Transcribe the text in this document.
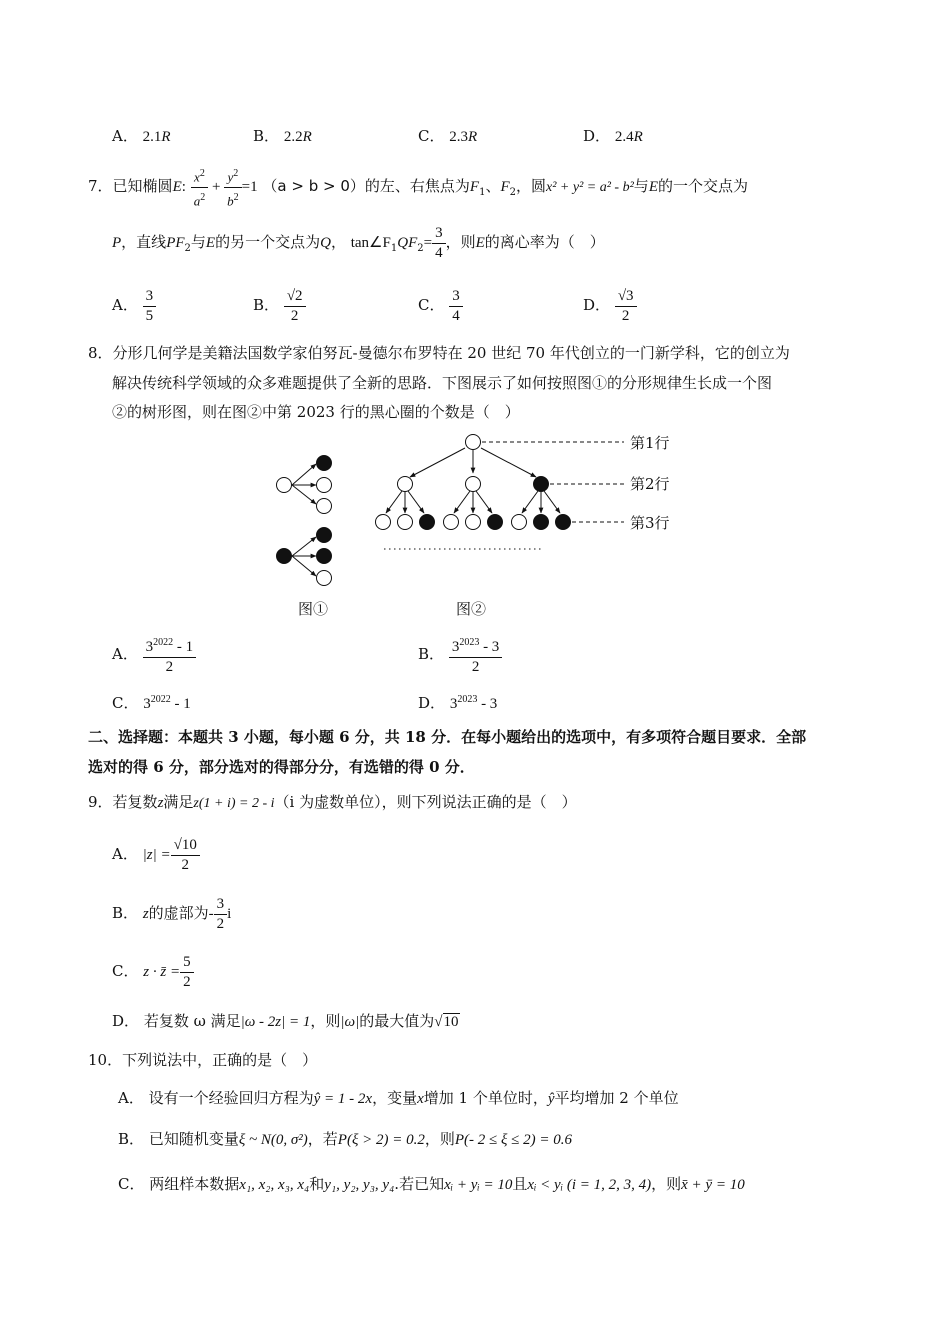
A． 2.1R	B． 2.2R	C． 2.3R	D． 2.4R
7．已知椭圆E: $\frac{x^2}{a^2} + \frac{y^2}{b^2} =1$ （a > b > 0）的左、右焦点为$F_1$、$F_2$，圆x² + y² = a² - b²与E的一个交点为
P，直线$PF_2$与E的另一个交点为Q， $\tan\angle F_1QF_2= \frac{3}{4}$ ，则E的离心率为（　）
A． $\frac{3}{5}$	B． $\frac{√2}{2}$	C． $\frac{3}{4}$	D． $\frac{√3}{2}$
8．分形几何学是美籍法国数学家伯努瓦-曼德尔布罗特在 20 世纪 70 年代创立的一门新学科，它的创立为
解决传统科学领域的众多难题提供了全新的思路．下图展示了如何按照图①的分形规律生长成一个图
②的树形图，则在图②中第 2023 行的黑心圈的个数是（　）
第1行
第2行
第3行
图①	图②
A． $\frac{3^{2022} - 1}{2}$	B． $\frac{3^{2023} - 3}{2}$
C． $3^{2022} - 1$	D． $3^{2023} - 3$
二、选择题：本题共 3 小题，每小题 6 分，共 18 分．在每小题给出的选项中，有多项符合题目要求．全部
选对的得 6 分，部分选对的得部分分，有选错的得 0 分．
9．若复数z满足z(1 + i) = 2 - i（i 为虚数单位），则下列说法正确的是（　）
A． $|z| = \frac{√10}{2}$
B． z的虚部为- $\frac{3}{2}$ i
C． z · z̄ = $\frac{5}{2}$
D． 若复数 ω 满足|ω - 2z| = 1，则|ω|的最大值为√10
10．下列说法中，正确的是（　）
A． 设有一个经验回归方程为ŷ = 1 - 2x，变量x增加 1 个单位时，ŷ平均增加 2 个单位
B． 已知随机变量ξ ~ N(0, σ²)，若P(ξ > 2) = 0.2，则P(- 2 ≤ ξ ≤ 2) = 0.6
C． 两组样本数据x₁, x₂, x₃, x₄和y₁, y₂, y₃, y₄.若已知xᵢ + yᵢ = 10且xᵢ < yᵢ (i = 1, 2, 3, 4)，则x̄ + ȳ = 10
